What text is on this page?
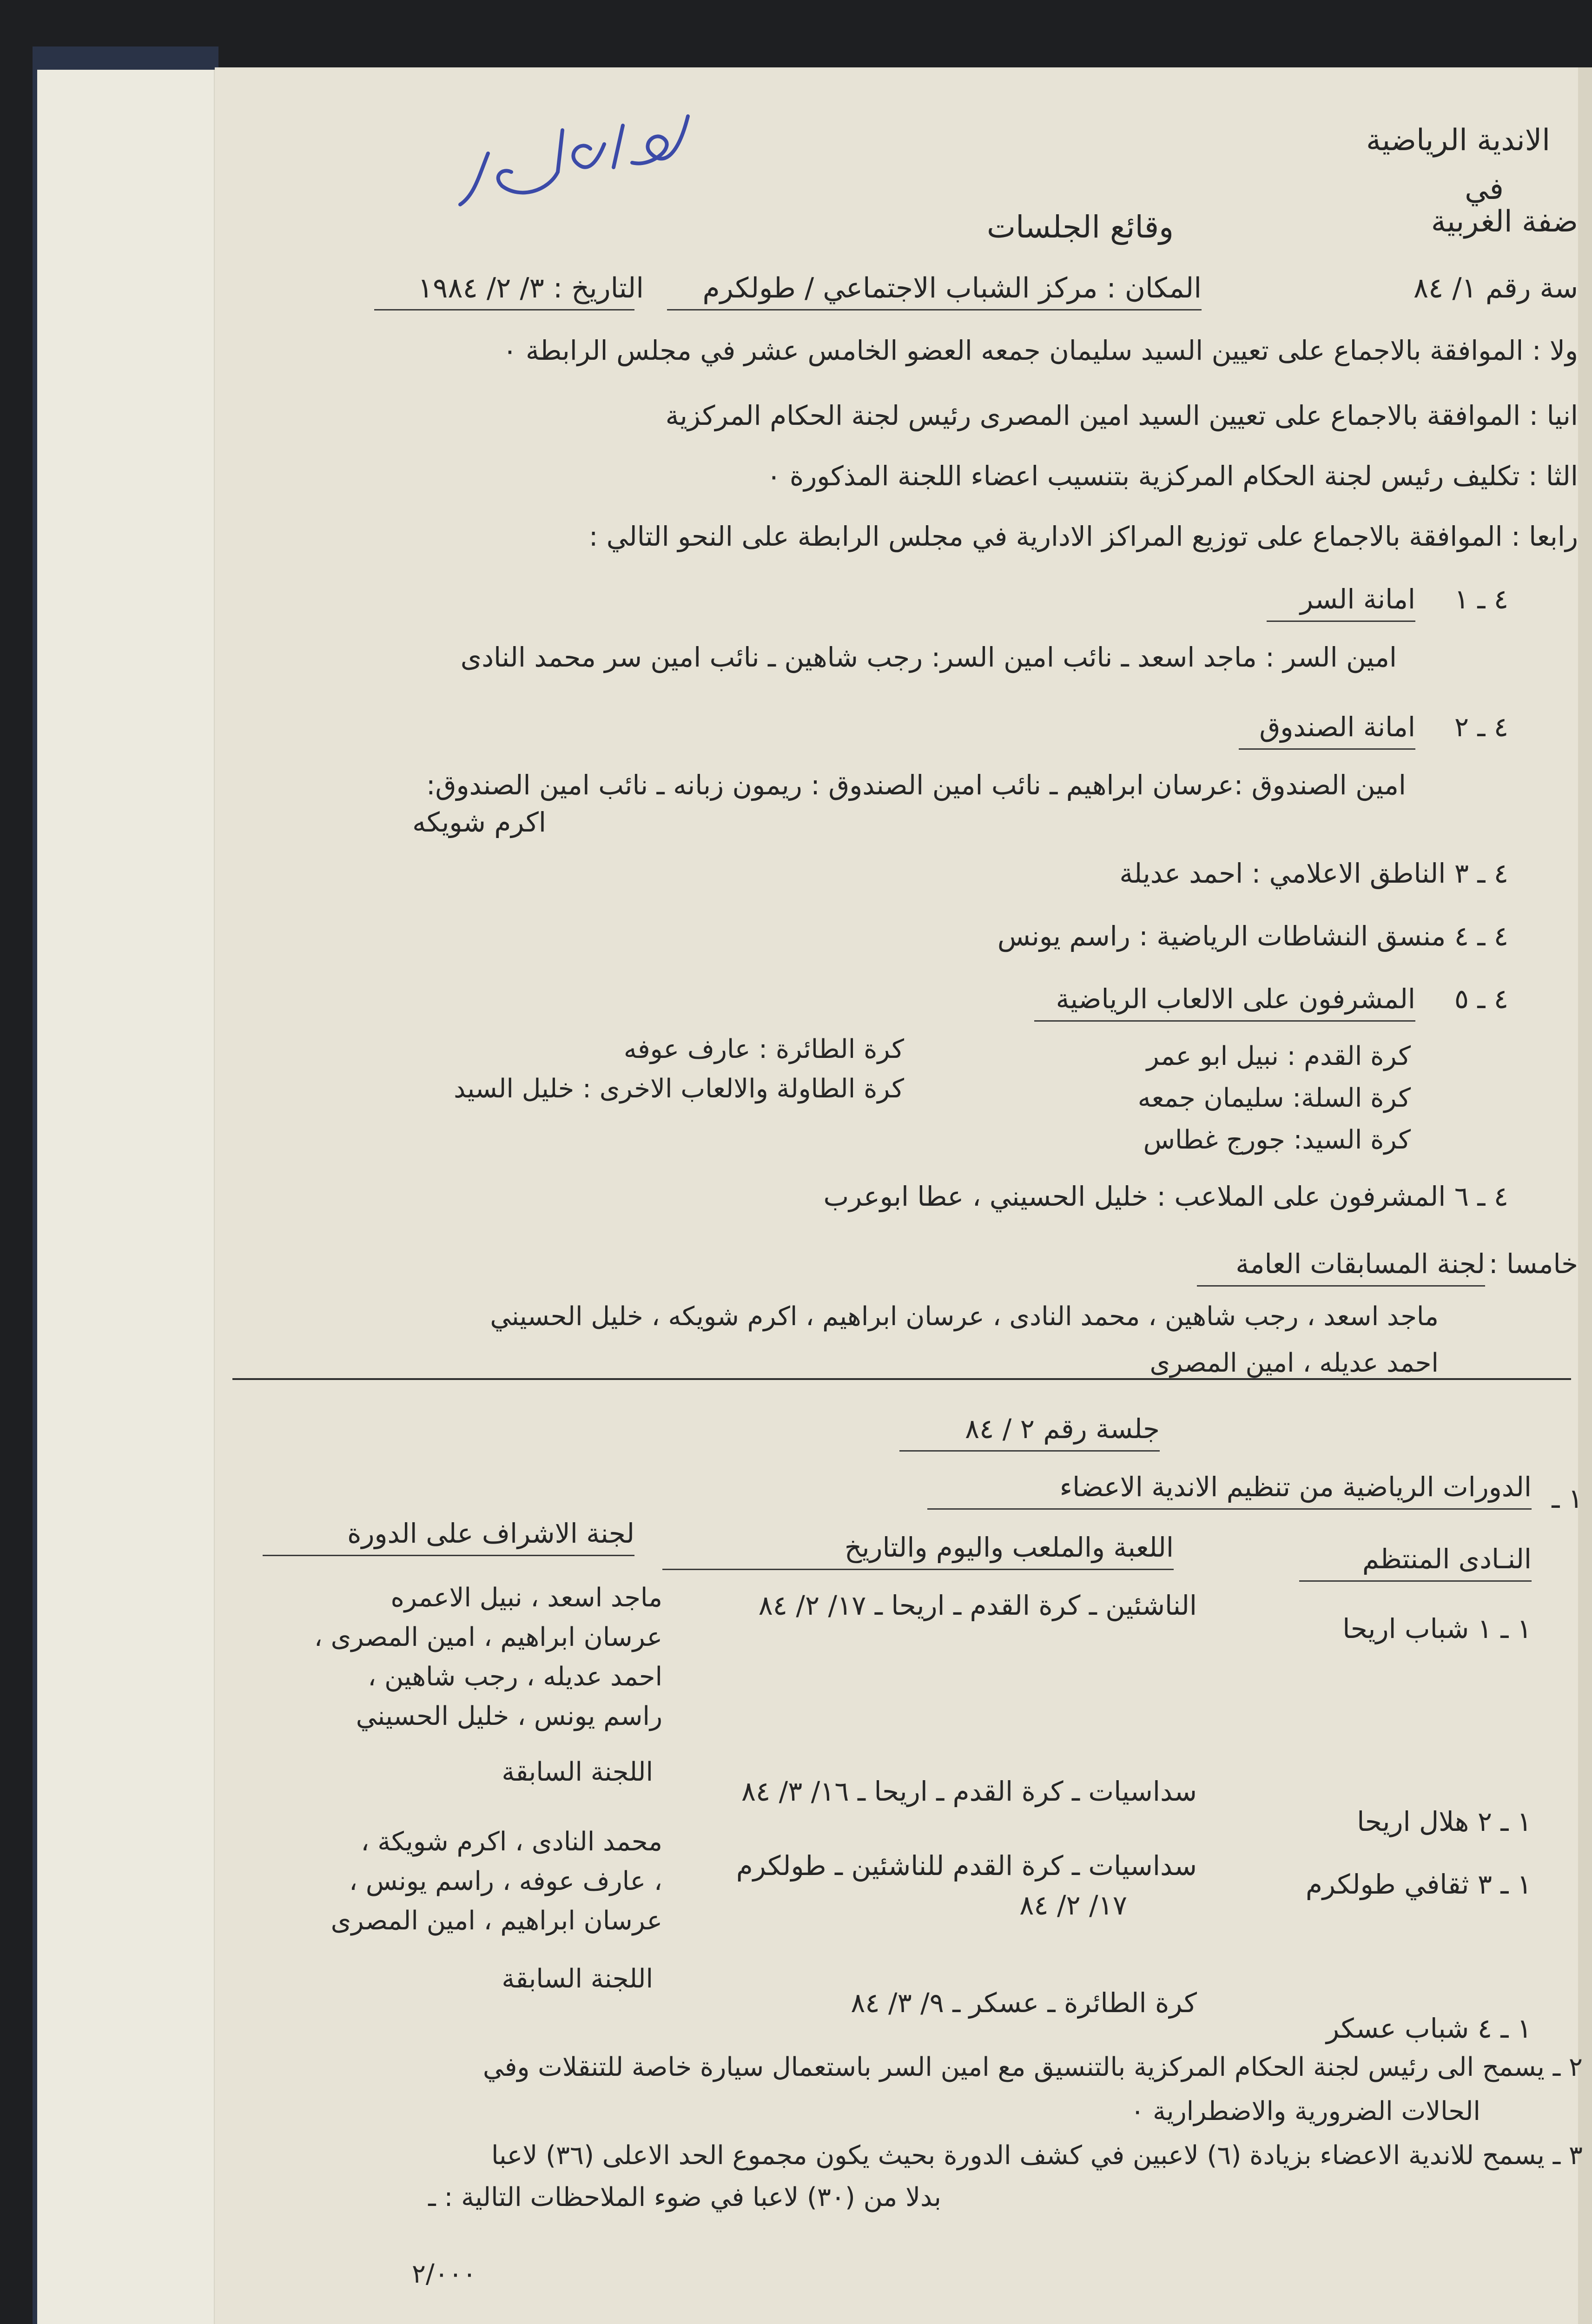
الاندية الرياضية
في
ضفة الغربية
سة رقم ١/ ٨٤
وقائع الجلسات
المكان : مركز الشباب الاجتماعي / طولكرم
التاريخ : ٣/ ٢/ ١٩٨٤
ولا : الموافقة بالاجماع على تعيين السيد سليمان جمعه العضو الخامس عشر في مجلس الرابطة ٠
انيا : الموافقة بالاجماع على تعيين السيد امين المصرى رئيس لجنة الحكام المركزية
الثا : تكليف رئيس لجنة الحكام المركزية بتنسيب اعضاء اللجنة المذكورة ٠
رابعا : الموافقة بالاجماع على توزيع المراكز الادارية في مجلس الرابطة على النحو التالي :
٤ ـ ١
امانة السر
امين السر : ماجد اسعد ـ نائب امين السر: رجب شاهين ـ نائب امين سر محمد النادى
٤ ـ ٢
امانة الصندوق
امين الصندوق :عرسان ابراهيم ـ نائب امين الصندوق : ريمون زبانه ـ نائب امين الصندوق:
اكرم شويكه
٤ ـ ٣ الناطق الاعلامي : احمد عديلة
٤ ـ ٤ منسق النشاطات الرياضية : راسم يونس
٤ ـ ٥
المشرفون على الالعاب الرياضية
كرة القدم : نبيل ابو عمر
كرة السلة: سليمان جمعه
كرة السيد: جورج غطاس
كرة الطائرة : عارف عوفه
كرة الطاولة والالعاب الاخرى : خليل السيد
٤ ـ ٦ المشرفون على الملاعب : خليل الحسيني ، عطا ابوعرب
خامسا :
لجنة المسابقات العامة
ماجد اسعد ، رجب شاهين ، محمد النادى ، عرسان ابراهيم ، اكرم شويكه ، خليل الحسيني
احمد عديله ، امين المصرى
جلسة رقم ٢ / ٨٤
١ ـ
الدورات الرياضية من تنظيم الاندية الاعضاء
النـادى المنتظم
اللعبة والملعب واليوم والتاريخ
لجنة الاشراف على الدورة
١ ـ ١ شباب اريحا
الناشئين ـ كرة القدم ـ اريحا ـ ١٧/ ٢/ ٨٤
١ ـ ٢ هلال اريحا
سداسيات ـ كرة القدم ـ اريحا ـ ١٦/ ٣/ ٨٤
١ ـ ٣ ثقافي طولكرم
سداسيات ـ كرة القدم للناشئين ـ طولكرم
١٧/ ٢/ ٨٤
١ ـ ٤ شباب عسكر
كرة الطائرة ـ عسكر ـ ٩/ ٣/ ٨٤
ماجد اسعد ، نبيل الاعمره
عرسان ابراهيم ، امين المصرى ،
احمد عديله ، رجب شاهين ،
راسم يونس ، خليل الحسيني
اللجنة السابقة
محمد النادى ، اكرم شويكة ،
، عارف عوفه ، راسم يونس ،
عرسان ابراهيم ، امين المصرى
اللجنة السابقة
٢ ـ يسمح الى رئيس لجنة الحكام المركزية بالتنسيق مع امين السر باستعمال سيارة خاصة للتنقلات وفي
الحالات الضرورية والاضطرارية ٠
٣ ـ يسمح للاندية الاعضاء بزيادة (٦) لاعبين في كشف الدورة بحيث يكون مجموع الحد الاعلى (٣٦) لاعبا
بدلا من (٣٠) لاعبا في ضوء الملاحظات التالية : ـ
٢/٠٠٠
